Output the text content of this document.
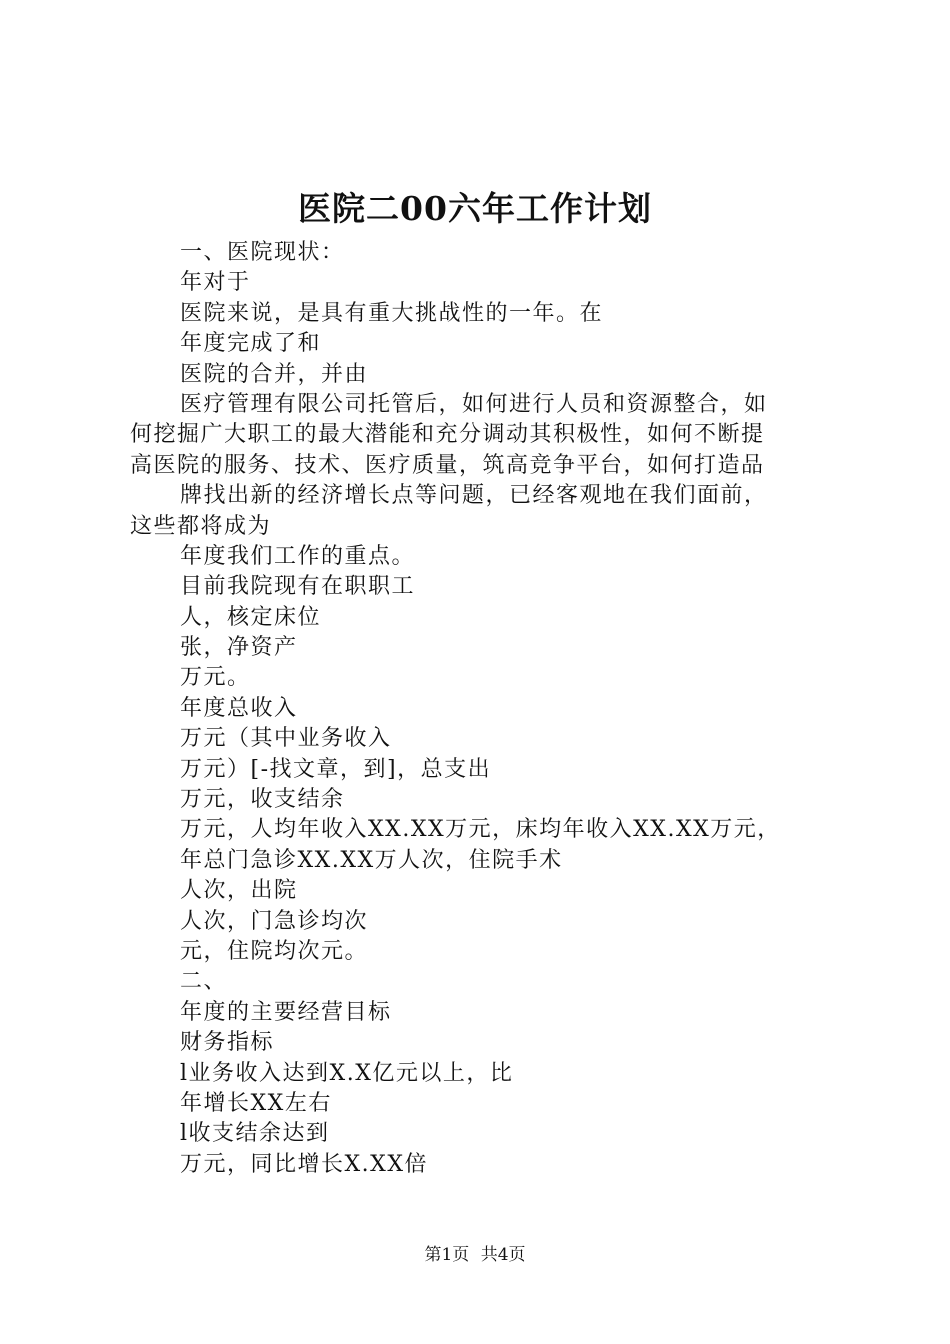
医院二00六年工作计划
一、医院现状：
年对于
医院来说，是具有重大挑战性的一年。在
年度完成了和
医院的合并，并由
医疗管理有限公司托管后，如何进行人员和资源整合，如
何挖掘广大职工的最大潜能和充分调动其积极性，如何不断提
高医院的服务、技术、医疗质量，筑高竞争平台，如何打造品
牌找出新的经济增长点等问题，已经客观地在我们面前，
这些都将成为
年度我们工作的重点。
目前我院现有在职职工
人，核定床位
张，净资产
万元。
年度总收入
万元（其中业务收入
万元）[-找文章，到]，总支出
万元，收支结余
万元，人均年收入XX.XX万元，床均年收入XX.XX万元，
年总门急诊XX.XX万人次，住院手术
人次，出院
人次，门急诊均次
元，住院均次元。
二、
年度的主要经营目标
财务指标
l业务收入达到X.X亿元以上，比
年增长XX左右
l收支结余达到
万元，同比增长X.XX倍
第1页 共4页
